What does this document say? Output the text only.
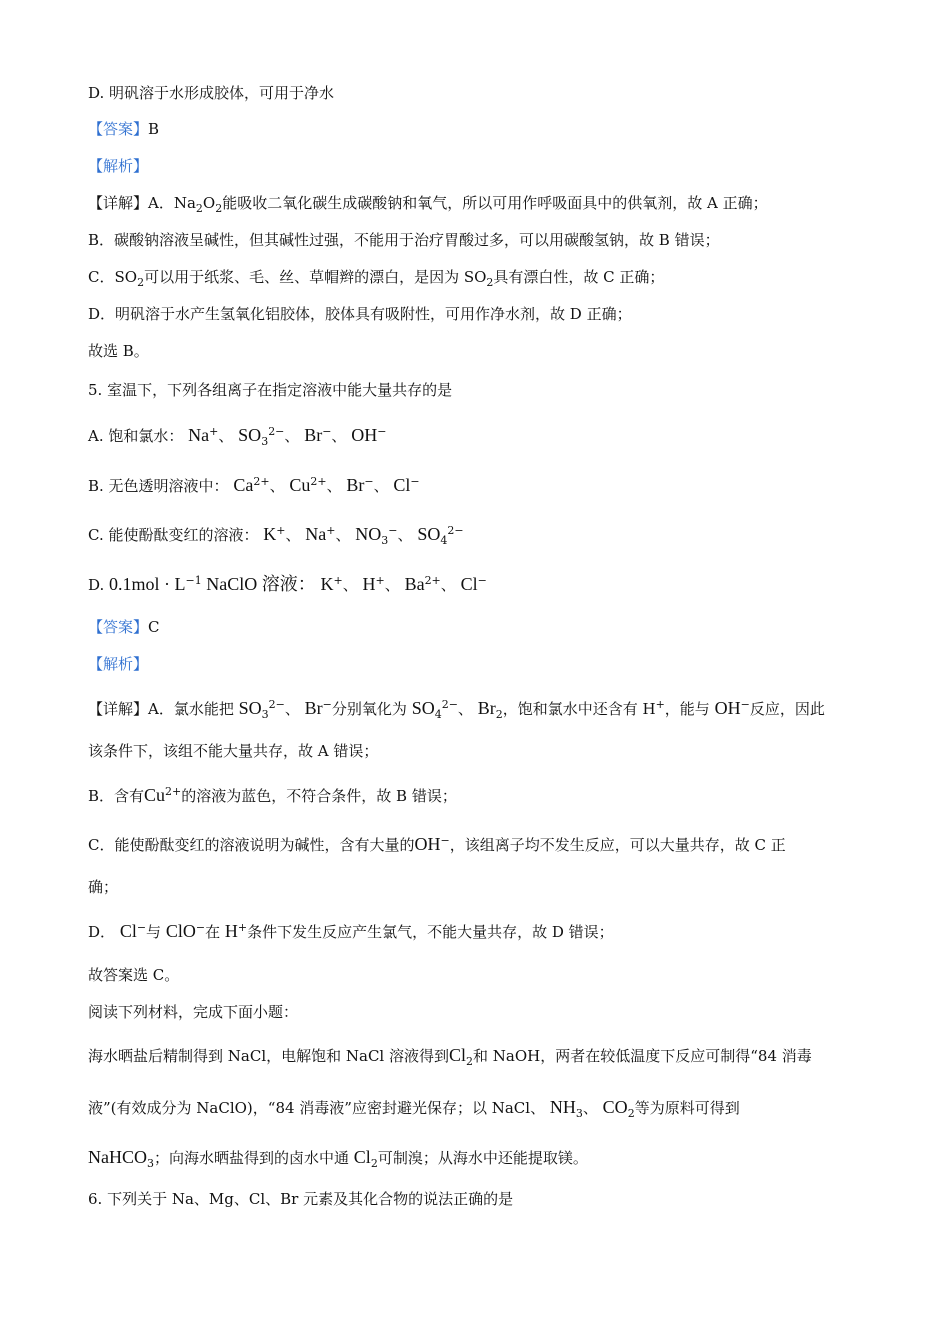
D. 明矾溶于水形成胶体，可用于净水
【答案】B
【解析】
【详解】A．$Na_2O_2$能吸收二氧化碳生成碳酸钠和氧气，所以可用作呼吸面具中的供氧剂，故 A 正确；
B．碳酸钠溶液呈碱性，但其碱性过强，不能用于治疗胃酸过多，可以用碳酸氢钠，故 B 错误；
C．$SO_2$可以用于纸浆、毛、丝、草帽辫的漂白，是因为 $SO_2$具有漂白性，故 C 正确；
D．明矾溶于水产生氢氧化铝胶体，胶体具有吸附性，可用作净水剂，故 D 正确；
故选 B。
5. 室温下，下列各组离子在指定溶液中能大量共存的是
A. 饱和氯水： Na+、 $SO_3^{2-}$、 Br−、 OH−
B. 无色透明溶液中： $Ca^{2+}$、 $Cu^{2+}$、 Br−、 Cl−
C. 能使酚酞变红的溶液： K+、 Na+、 $NO_3^-$、 $SO_4^{2-}$
D. $0.1mol \cdot L^{-1}$ NaClO 溶液： K+、 H+、 $Ba^{2+}$、 Cl−
【答案】C
【解析】
【详解】A．氯水能把 $SO_3^{2-}$、 Br−分别氧化为 $SO_4^{2-}$、 $Br_2$，饱和氯水中还含有 H+，能与 OH−反应，因此
该条件下，该组不能大量共存，故 A 错误；
B．含有$Cu^{2+}$的溶液为蓝色，不符合条件，故 B 错误；
C．能使酚酞变红的溶液说明为碱性，含有大量的OH−，该组离子均不发生反应，可以大量共存，故 C 正
确；
D． Cl−与 ClO−在 H+条件下发生反应产生氯气，不能大量共存，故 D 错误；
故答案选 C。
阅读下列材料，完成下面小题：
海水晒盐后精制得到 NaCl，电解饱和 NaCl 溶液得到$Cl_2$和 NaOH，两者在较低温度下反应可制得“84 消毒
液”(有效成分为 NaClO)，“84 消毒液”应密封避光保存；以 NaCl、 $NH_3$、 $CO_2$等为原料可得到
NaHCO$_3$；向海水晒盐得到的卤水中通 $Cl_2$可制溴；从海水中还能提取镁。
6. 下列关于 Na、Mg、Cl、Br 元素及其化合物的说法正确的是
